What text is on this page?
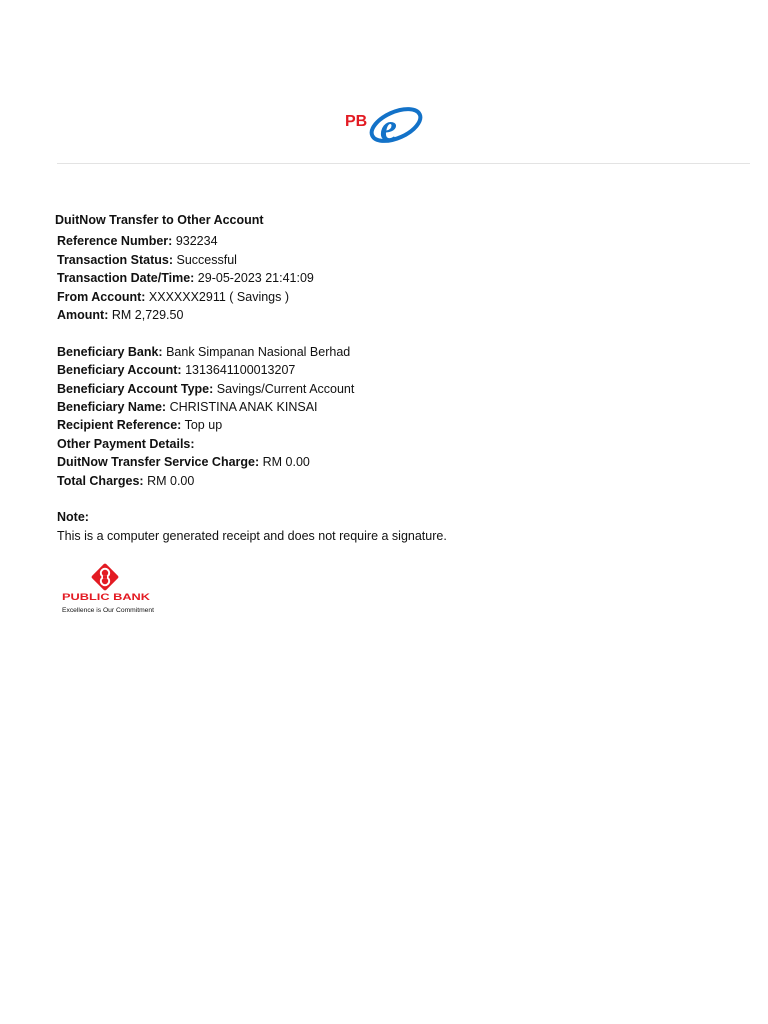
PB e
DuitNow Transfer to Other Account
Reference Number: 932234
Transaction Status: Successful
Transaction Date/Time: 29-05-2023 21:41:09
From Account: XXXXXX2911 ( Savings )
Amount: RM 2,729.50
Beneficiary Bank: Bank Simpanan Nasional Berhad
Beneficiary Account: 1313641100013207
Beneficiary Account Type: Savings/Current Account
Beneficiary Name: CHRISTINA ANAK KINSAI
Recipient Reference: Top up
Other Payment Details:
DuitNow Transfer Service Charge: RM 0.00
Total Charges: RM 0.00
Note:
This is a computer generated receipt and does not require a signature.
PUBLIC BANK
Excellence is Our Commitment
